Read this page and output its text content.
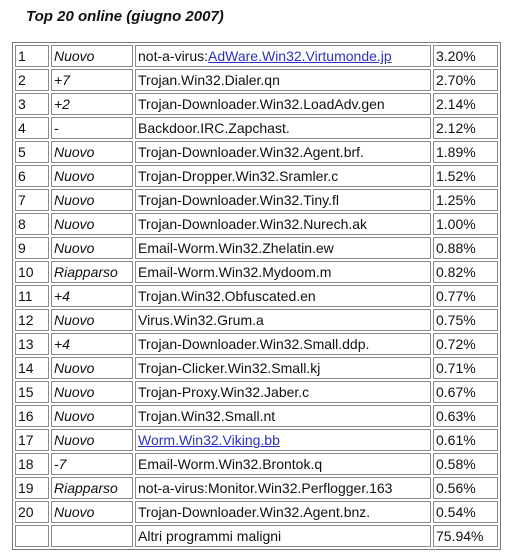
Top 20 online (giugno 2007)
1	Nuovo	not-a-virus:AdWare.Win32.Virtumonde.jp	3.20%
2	+7	Trojan.Win32.Dialer.qn	2.70%
3	+2	Trojan-Downloader.Win32.LoadAdv.gen	2.14%
4	-	Backdoor.IRC.Zapchast.	2.12%
5	Nuovo	Trojan-Downloader.Win32.Agent.brf.	1.89%
6	Nuovo	Trojan-Dropper.Win32.Sramler.c	1.52%
7	Nuovo	Trojan-Downloader.Win32.Tiny.fl	1.25%
8	Nuovo	Trojan-Downloader.Win32.Nurech.ak	1.00%
9	Nuovo	Email-Worm.Win32.Zhelatin.ew	0.88%
10	Riapparso	Email-Worm.Win32.Mydoom.m	0.82%
11	+4	Trojan.Win32.Obfuscated.en	0.77%
12	Nuovo	Virus.Win32.Grum.a	0.75%
13	+4	Trojan-Downloader.Win32.Small.ddp.	0.72%
14	Nuovo	Trojan-Clicker.Win32.Small.kj	0.71%
15	Nuovo	Trojan-Proxy.Win32.Jaber.c	0.67%
16	Nuovo	Trojan.Win32.Small.nt	0.63%
17	Nuovo	Worm.Win32.Viking.bb	0.61%
18	-7	Email-Worm.Win32.Brontok.q	0.58%
19	Riapparso	not-a-virus:Monitor.Win32.Perflogger.163	0.56%
20	Nuovo	Trojan-Downloader.Win32.Agent.bnz.	0.54%
		Altri programmi maligni	75.94%
